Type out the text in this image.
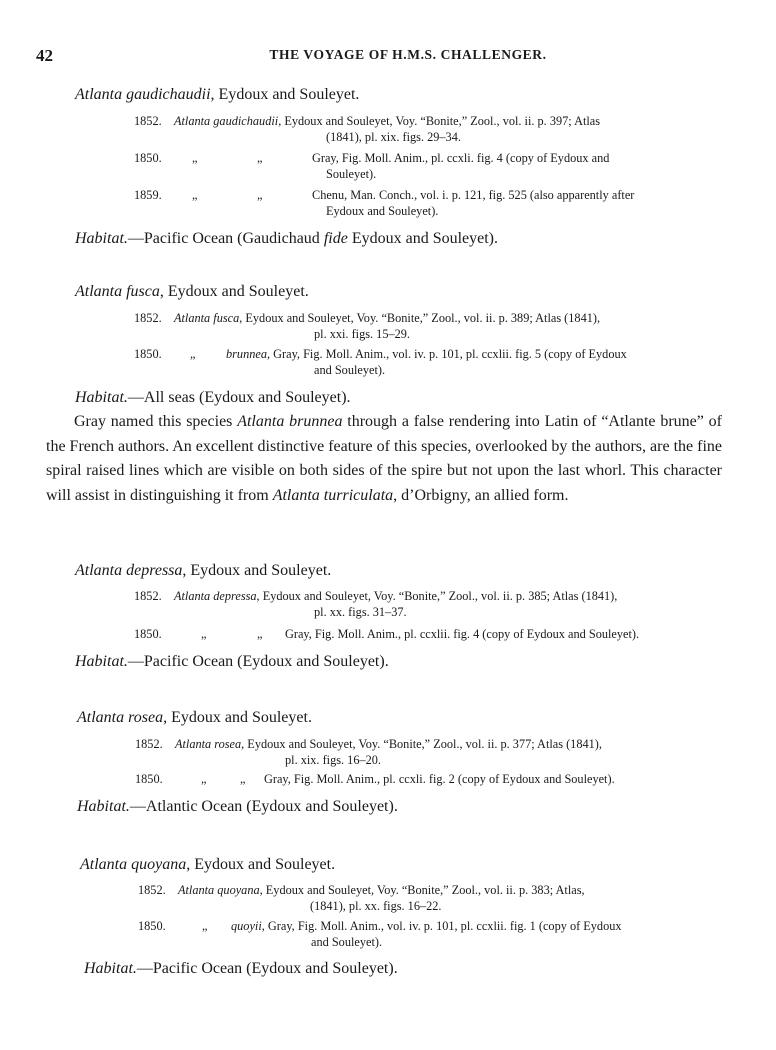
42	THE VOYAGE OF H.M.S. CHALLENGER.
Atlanta gaudichaudii, Eydoux and Souleyet.
1852. Atlanta gaudichaudii, Eydoux and Souleyet, Voy. “Bonite,” Zool., vol. ii. p. 397; Atlas
(1841), pl. xix. figs. 29–34.
1850. „	„	Gray, Fig. Moll. Anim., pl. ccxli. fig. 4 (copy of Eydoux and
Souleyet).
1859. „	„	Chenu, Man. Conch., vol. i. p. 121, fig. 525 (also apparently after
Eydoux and Souleyet).
Habitat.—Pacific Ocean (Gaudichaud fide Eydoux and Souleyet).
Atlanta fusca, Eydoux and Souleyet.
1852. Atlanta fusca, Eydoux and Souleyet, Voy. “Bonite,” Zool., vol. ii. p. 389; Atlas (1841),
pl. xxi. figs. 15–29.
1850. „ brunnea, Gray, Fig. Moll. Anim., vol. iv. p. 101, pl. ccxlii. fig. 5 (copy of Eydoux
and Souleyet).
Habitat.—All seas (Eydoux and Souleyet).
Gray named this species Atlanta brunnea through a false rendering into Latin of “Atlante brune” of the French authors. An excellent distinctive feature of this species, overlooked by the authors, are the fine spiral raised lines which are visible on both sides of the spire but not upon the last whorl. This character will assist in distinguishing it from Atlanta turriculata, d’Orbigny, an allied form.
Atlanta depressa, Eydoux and Souleyet.
1852. Atlanta depressa, Eydoux and Souleyet, Voy. “Bonite,” Zool., vol. ii. p. 385; Atlas (1841),
pl. xx. figs. 31–37.
1850.	„	„ Gray, Fig. Moll. Anim., pl. ccxlii. fig. 4 (copy of Eydoux and Souleyet).
Habitat.—Pacific Ocean (Eydoux and Souleyet).
Atlanta rosea, Eydoux and Souleyet.
1852. Atlanta rosea, Eydoux and Souleyet, Voy. “Bonite,” Zool., vol. ii. p. 377; Atlas (1841),
pl. xix. figs. 16–20.
1850.	„	„ Gray, Fig. Moll. Anim., pl. ccxli. fig. 2 (copy of Eydoux and Souleyet).
Habitat.—Atlantic Ocean (Eydoux and Souleyet).
Atlanta quoyana, Eydoux and Souleyet.
1852. Atlanta quoyana, Eydoux and Souleyet, Voy. “Bonite,” Zool., vol. ii. p. 383; Atlas,
(1841), pl. xx. figs. 16–22.
1850.	„ quoyii, Gray, Fig. Moll. Anim., vol. iv. p. 101, pl. ccxlii. fig. 1 (copy of Eydoux
and Souleyet).
Habitat.—Pacific Ocean (Eydoux and Souleyet).
